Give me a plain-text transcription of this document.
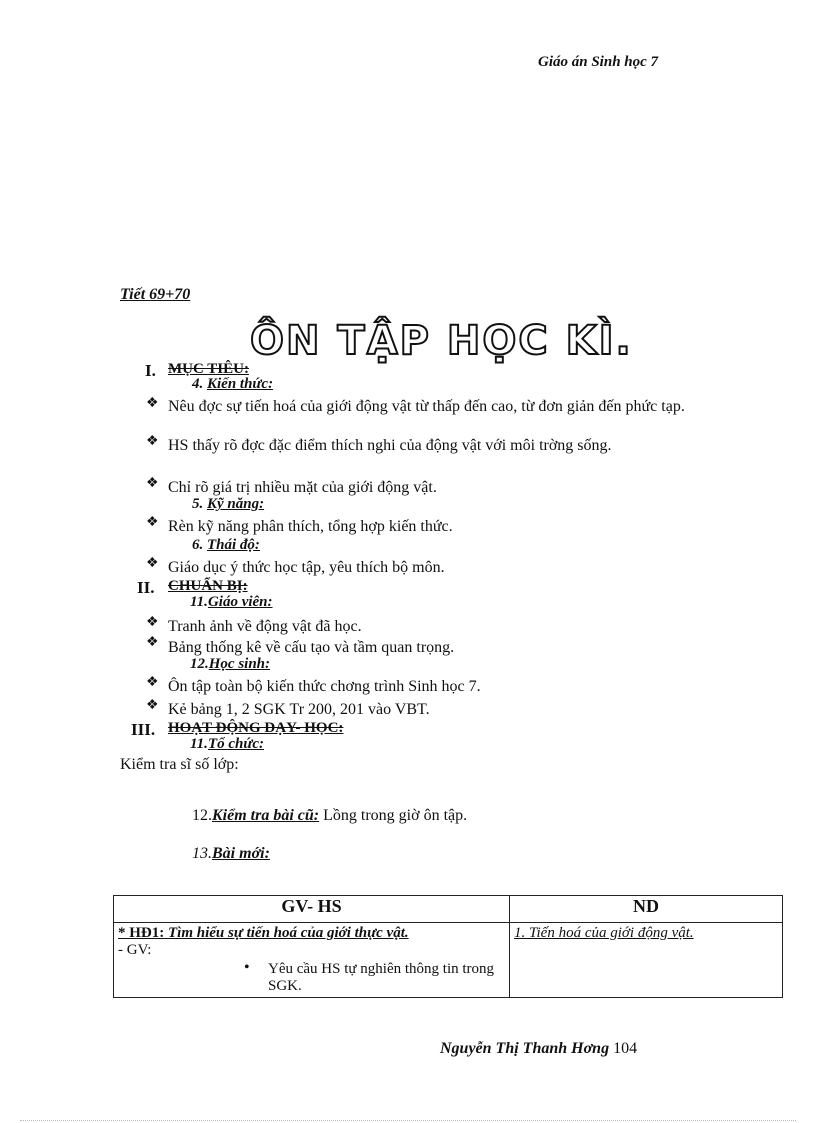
Giáo án Sinh học 7
Tiết 69+70
ÔN TẬP HỌC KÌ.
I. MỤC TIÊU:
4. Kiến thức:
❖ Nêu đợc sự tiến hoá của giới động vật từ thấp đến cao, từ đơn giản đến phức tạp.
❖ HS thấy rõ đợc đặc điểm thích nghi của động vật với môi trờng sống.
❖ Chỉ rõ giá trị nhiều mặt của giới động vật.
5. Kỹ năng:
❖ Rèn kỹ năng phân thích, tổng hợp kiến thức.
6. Thái độ:
❖ Giáo dục ý thức học tập, yêu thích bộ môn.
II. CHUẨN BỊ:
11.Giáo viên:
❖ Tranh ảnh về động vật đã học.
❖ Bảng thống kê về cấu tạo và tầm quan trọng.
12.Học sinh:
❖ Ôn tập toàn bộ kiến thức chơng trình Sinh học 7.
❖ Kẻ bảng 1, 2 SGK Tr 200, 201 vào VBT.
III. HOẠT ĐỘNG DẠY- HỌC:
11.Tổ chức:
Kiểm tra sĩ số lớp:
12.Kiểm tra bài cũ: Lồng trong giờ ôn tập.
13.Bài mới:
GV- HS	ND

* HĐ1: Tìm hiểu sự tiến hoá của giới thực vật.
- GV:
• Yêu cầu HS tự nghiên thông tin trong SGK.	1. Tiến hoá của giới động vật.
Nguyễn Thị Thanh Hơng 104
